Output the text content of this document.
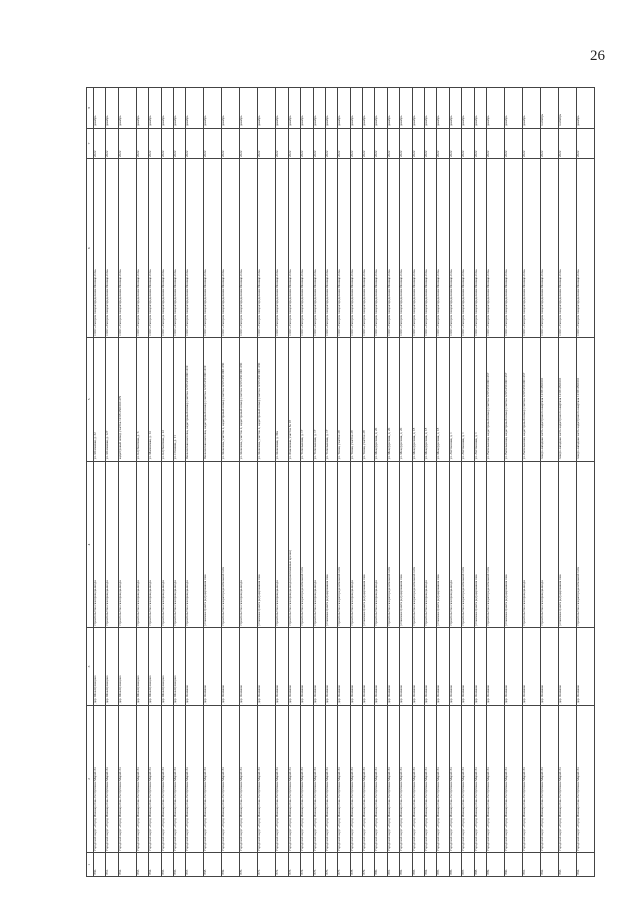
26
1	2	3	4	5	6	7	8
860.	Городской округ «Город Йошкар-Ола» Республики Марий Эл	дер. Шоя-Кузнецово	строительство газопровода-ввода	ул. Яблоневая, д. 32	ООО «Газпром газораспределение Йошкар-Ола»	2022	декабрь
861.	Городской округ «Город Йошкар-Ола» Республики Марий Эл	дер. Шоя-Кузнецово	строительство газопровода-ввода	ул. Яблоневая, д. 127	ООО «Газпром газораспределение Йошкар-Ола»	2022	декабрь
862.	Городской округ «Город Йошкар-Ола» Республики Марий Эл	дер. Шоя-Кузнецово	строительство газопровода-ввода	кадастровый номер участка 12:05:4501001:479	ООО «Газпром газораспределение Йошкар-Ола»	2022	декабрь
863.	Городской округ «Город Йошкар-Ола» Республики Марий Эл	дер. Шоя-Кузнецово	строительство газопровода-ввода	ул. Клубничная, д. 6	ООО «Газпром газораспределение Йошкар-Ола»	2022	декабрь
864.	Городской округ «Город Йошкар-Ола» Республики Марий Эл	дер. Шоя-Кузнецово	строительство газопровода-ввода	ул. Малиновая, д. 14	ООО «Газпром газораспределение Йошкар-Ола»	2022	декабрь
865.	Городской округ «Город Йошкар-Ола» Республики Марий Эл	дер. Шоя-Кузнецово	строительство газопровода-ввода	ул. Клубничная, д. 22	ООО «Газпром газораспределение Йошкар-Ола»	2022	декабрь
866.	Городской округ «Город Йошкар-Ола» Республики Марий Эл	дер. Шоя-Кузнецово	строительство газопровода-ввода	ул. Осенняя, д. 11	ООО «Газпром газораспределение Йошкар-Ола»	2022	декабрь
867.	Городской округ «Город Йошкар-Ола» Республики Марий Эл	дер. Якимово	строительство газопровода-ввода	Яковлевская выселка, кадастровый номер участка 12:05:4501001:419	ООО «Газпром газораспределение Йошкар-Ола»	2022	декабрь
868.	Городской округ «Город Йошкар-Ола» Республики Марий Эл	дер. Якимово	установка пункта редуцирования газа	Яковлевская выселка, кадастровый номер участка 12:05:4501001:419	ООО «Газпром газораспределение Йошкар-Ола»	2022	декабрь
869.	Городской округ «Город Йошкар-Ола» Республики Марий Эл	дер. Якимово	строительство газораспределительной сети	ул. Яковлева, участок 2, кадастровый номер участка 12:05:4501001:260	ООО «Газпром газораспределение Йошкар-Ола»	2022	декабрь
870.	Городской округ «Город Йошкар-Ола» Республики Марий Эл	дер. Якимово	строительство газопровода-ввода	ул. Яковлева, участок 2, кадастровый номер участка 12:05:4501001:260	ООО «Газпром газораспределение Йошкар-Ола»	2022	декабрь
871.	Городской округ «Город Йошкар-Ола» Республики Марий Эл	дер. Якимово	установка пункта редуцирования газа	ул. Яковлева, участок 2, кадастровый номер участка 12:05:4501001:260	ООО «Газпром газораспределение Йошкар-Ола»	2022	декабрь
872.	Городской округ «Город Йошкар-Ола» Республики Марий Эл	дер. Якимово	строительство газопровода-ввода	ул. Яковлевая, д. 39а	ООО «Газпром газораспределение Йошкар-Ола»	2022	декабрь
873.	Городской округ «Город Йошкар-Ола» Республики Марий Эл	дер. Якимово	строительство газопровода-ввода (внеплановые врезки)	ул. Фиалковая, участок № 18	ООО «Газпром газораспределение Йошкар-Ола»	2022	декабрь
874.	Городской округ «Город Йошкар-Ола» Республики Марий Эл	дер. Якимово	строительство газораспределительной сети	ул. Топольковая, д. 17	ООО «Газпром газораспределение Йошкар-Ола»	2022	декабрь
875.	Городской округ «Город Йошкар-Ола» Республики Марий Эл	дер. Якимово	строительство газопровода-ввода	ул. Топольковая, д. 17	ООО «Газпром газораспределение Йошкар-Ола»	2022	декабрь
876.	Городской округ «Город Йошкар-Ола» Республики Марий Эл	дер. Якимово	установка пункта редуцирования газа	ул. Топольковая, д. 17	ООО «Газпром газораспределение Йошкар-Ола»	2022	декабрь
877.	Городской округ «Город Йошкар-Ола» Республики Марий Эл	дер. Якимово	строительство газораспределительной сети	ул. Тихая, участок 28	ООО «Газпром газораспределение Йошкар-Ола»	2022	декабрь
878.	Городской округ «Город Йошкар-Ола» Республики Марий Эл	дер. Якимово	строительство газопровода-ввода	ул. Тихая, участок 28	ООО «Газпром газораспределение Йошкар-Ола»	2022	декабрь
879.	Городской округ «Город Йошкар-Ола» Республики Марий Эл	дер. Якимово	установка пункта редуцирования газа	ул. Тихая, участок 28	ООО «Газпром газораспределение Йошкар-Ола»	2022	декабрь
880.	Городской округ «Город Йошкар-Ола» Республики Марий Эл	дер. Якимово	строительство газопровода-ввода	ул. Междуречная, д. 20	ООО «Газпром газораспределение Йошкар-Ола»	2022	декабрь
881.	Городской округ «Город Йошкар-Ола» Республики Марий Эл	дер. Якимово	строительство газораспределительной сети	ул. Междуречная, д. 20	ООО «Газпром газораспределение Йошкар-Ола»	2022	декабрь
882.	Городской округ «Город Йошкар-Ола» Республики Марий Эл	дер. Якимово	установка пункта редуцирования газа	ул. Междуречная, д. 20	ООО «Газпром газораспределение Йошкар-Ола»	2022	декабрь
883.	Городской округ «Город Йошкар-Ола» Республики Марий Эл	дер. Якимово	строительство газораспределительной сети	ул. Междуречная, д. 18	ООО «Газпром газораспределение Йошкар-Ола»	2022	декабрь
884.	Городской округ «Город Йошкар-Ола» Республики Марий Эл	дер. Якимово	строительство газопровода-ввода	ул. Междуречная, д. 18	ООО «Газпром газораспределение Йошкар-Ола»	2022	декабрь
885.	Городской округ «Город Йошкар-Ола» Республики Марий Эл	дер. Якимово	установка пункта редуцирования газа	ул. Междуречная, д. 18	ООО «Газпром газораспределение Йошкар-Ола»	2022	декабрь
886.	Городской округ «Город Йошкар-Ола» Республики Марий Эл	дер. Якимово	строительство газопровода-ввода	ул. Лиственная, д. 1	ООО «Газпром газораспределение Йошкар-Ола»	2022	декабрь
887.	Городской округ «Город Йошкар-Ола» Республики Марий Эл	дер. Якимово	строительство газораспределительной сети	ул. Лиственная, д. 1	ООО «Газпром газораспределение Йошкар-Ола»	2022	декабрь
888.	Городской округ «Город Йошкар-Ола» Республики Марий Эл	дер. Якимово	установка пункта редуцирования газа	ул. Лиственная, д. 1	ООО «Газпром газораспределение Йошкар-Ола»	2022	декабрь
889.	Городской округ «Город Йошкар-Ола» Республики Марий Эл	дер. Якимово	строительство газораспределительной сети	ул. Васильковая, кадастровый номер участка 12:05:4501001:267	ООО «Газпром газораспределение Йошкар-Ола»	2022	декабрь
890.	Городской округ «Город Йошкар-Ола» Республики Марий Эл	дер. Якимово	установка пункта редуцирования газа	ул. Васильковая, кадастровый номер участка 12:05:4501001:267	ООО «Газпром газораспределение Йошкар-Ола»	2022	декабрь
891.	Городской округ «Город Йошкар-Ола» Республики Марий Эл	дер. Якимово	строительство газопровода-ввода	ул. Васильковая, кадастровый номер участка 12:05:4501001:267	ООО «Газпром газораспределение Йошкар-Ола»	2022	декабрь
892.	Городской округ «Город Йошкар-Ола» Республики Марий Эл	дер. Якимово	строительство газопровода-ввода	северо-западная часть кадастрового квартала 12:05:4501001	ООО «Газпром газораспределение Йошкар-Ола»	2022	сентябрь
893.	Городской округ «Город Йошкар-Ола» Республики Марий Эл	дер. Якимово	установка пункта редуцирования газа	северо-западная часть кадастрового квартала 12:05:4501001	ООО «Газпром газораспределение Йошкар-Ола»	2022	сентябрь
894.	Городской округ «Город Йошкар-Ола» Республики Марий Эл	дер. Якимово	строительство газораспределительной сети	северо-западная часть кадастрового квартала 12:05:4501001	ООО «Газпром газораспределение Йошкар-Ола»	2022	декабрь
